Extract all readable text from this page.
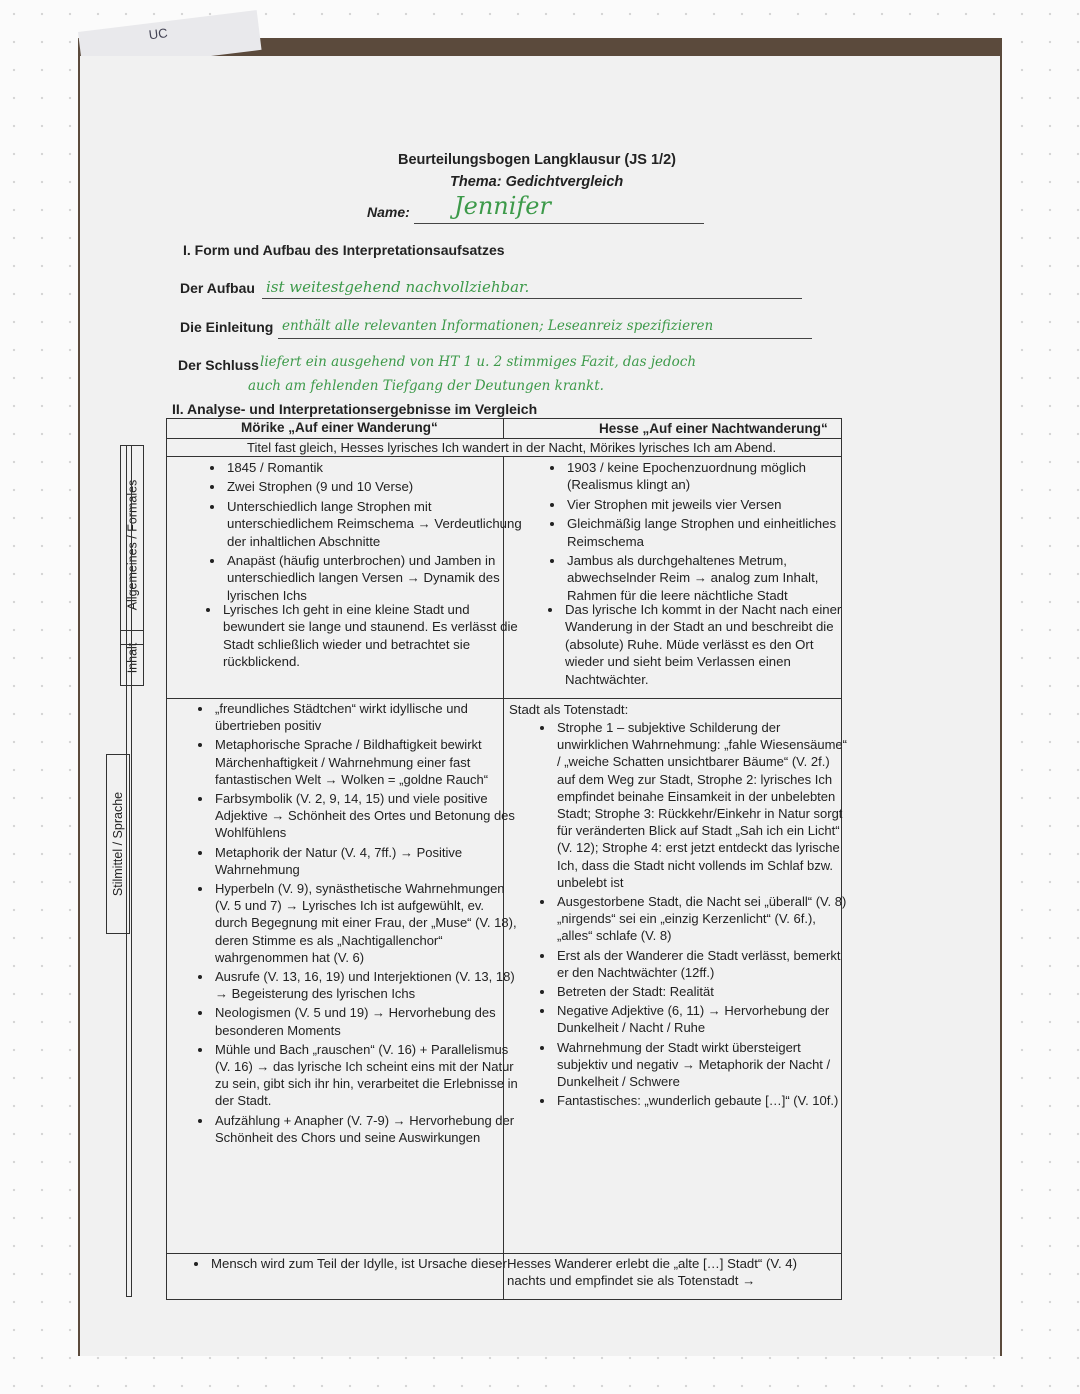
UC
Beurteilungsbogen Langklausur (JS 1/2)
Thema: Gedichtvergleich
Name: Jennifer
I. Form und Aufbau des Interpretationsaufsatzes
Der Aufbau ist weitestgehend nachvollziehbar.
Die Einleitung enthält alle relevanten Informationen; Leseanreiz spezifizieren
Der Schluss liefert ein ausgehend von HT 1 u. 2 stimmiges Fazit, das jedoch
auch am fehlenden Tiefgang der Deutungen krankt.
II. Analyse- und Interpretationsergebnisse im Vergleich
Allgemeines / Formales
Inhalt
Stilmittel / Sprache
Mörike „Auf einer Wanderung“	Hesse „Auf einer Nachtwanderung“
Titel fast gleich, Hesses lyrisches Ich wandert in der Nacht, Mörikes lyrisches Ich am Abend.
• 1845 / Romantik
• Zwei Strophen (9 und 10 Verse)
• Unterschiedlich lange Strophen mit unterschiedlichem Reimschema → Verdeutlichung der inhaltlichen Abschnitte
• Anapäst (häufig unterbrochen) und Jamben in unterschiedlich langen Versen → Dynamik des lyrischen Ichs
• 1903 / keine Epochenzuordnung möglich (Realismus klingt an)
• Vier Strophen mit jeweils vier Versen
• Gleichmäßig lange Strophen und einheitliches Reimschema
• Jambus als durchgehaltenes Metrum, abwechselnder Reim → analog zum Inhalt, Rahmen für die leere nächtliche Stadt
• Lyrisches Ich geht in eine kleine Stadt und bewundert sie lange und staunend. Es verlässt die Stadt schließlich wieder und betrachtet sie rückblickend.
• Das lyrische Ich kommt in der Nacht nach einer Wanderung in der Stadt an und beschreibt die (absolute) Ruhe. Müde verlässt es den Ort wieder und sieht beim Verlassen einen Nachtwächter.
• „freundliches Städtchen“ wirkt idyllische und übertrieben positiv
• Metaphorische Sprache / Bildhaftigkeit bewirkt Märchenhaftigkeit / Wahrnehmung einer fast fantastischen Welt → Wolken = „goldne Rauch“
• Farbsymbolik (V. 2, 9, 14, 15) und viele positive Adjektive → Schönheit des Ortes und Betonung des Wohlfühlens
• Metaphorik der Natur (V. 4, 7ff.) → Positive Wahrnehmung
• Hyperbeln (V. 9), synästhetische Wahrnehmungen (V. 5 und 7) → Lyrisches Ich ist aufgewühlt, ev. durch Begegnung mit einer Frau, der „Muse“ (V. 18), deren Stimme es als „Nachtigallenchor“ wahrgenommen hat (V. 6)
• Ausrufe (V. 13, 16, 19) und Interjektionen (V. 13, 18) → Begeisterung des lyrischen Ichs
• Neologismen (V. 5 und 19) → Hervorhebung des besonderen Moments
• Mühle und Bach „rauschen“ (V. 16) + Parallelismus (V. 16) → das lyrische Ich scheint eins mit der Natur zu sein, gibt sich ihr hin, verarbeitet die Erlebnisse in der Stadt.
• Aufzählung + Anapher (V. 7-9) → Hervorhebung der Schönheit des Chors und seine Auswirkungen
Stadt als Totenstadt:
• Strophe 1 – subjektive Schilderung der unwirklichen Wahrnehmung: „fahle Wiesensäume“ / „weiche Schatten unsichtbarer Bäume“ (V. 2f.) auf dem Weg zur Stadt, Strophe 2: lyrisches Ich empfindet beinahe Einsamkeit in der unbelebten Stadt; Strophe 3: Rückkehr/Einkehr in Natur sorgt für veränderten Blick auf Stadt „Sah ich ein Licht“ (V. 12); Strophe 4: erst jetzt entdeckt das lyrische Ich, dass die Stadt nicht vollends im Schlaf bzw. unbelebt ist
• Ausgestorbene Stadt, die Nacht sei „überall“ (V. 8) „nirgends“ sei ein „einzig Kerzenlicht“ (V. 6f.), „alles“ schlafe (V. 8)
• Erst als der Wanderer die Stadt verlässt, bemerkt er den Nachtwächter (12ff.)
• Betreten der Stadt: Realität
• Negative Adjektive (6, 11) → Hervorhebung der Dunkelheit / Nacht / Ruhe
• Wahrnehmung der Stadt wirkt übersteigert subjektiv und negativ → Metaphorik der Nacht / Dunkelheit / Schwere
• Fantastisches: „wunderlich gebaute […]“ (V. 10f.)
• Mensch wird zum Teil der Idylle, ist Ursache dieser Hesses Wanderer erlebt die „alte […] Stadt“ (V. 4) nachts und empfindet sie als Totenstadt →
